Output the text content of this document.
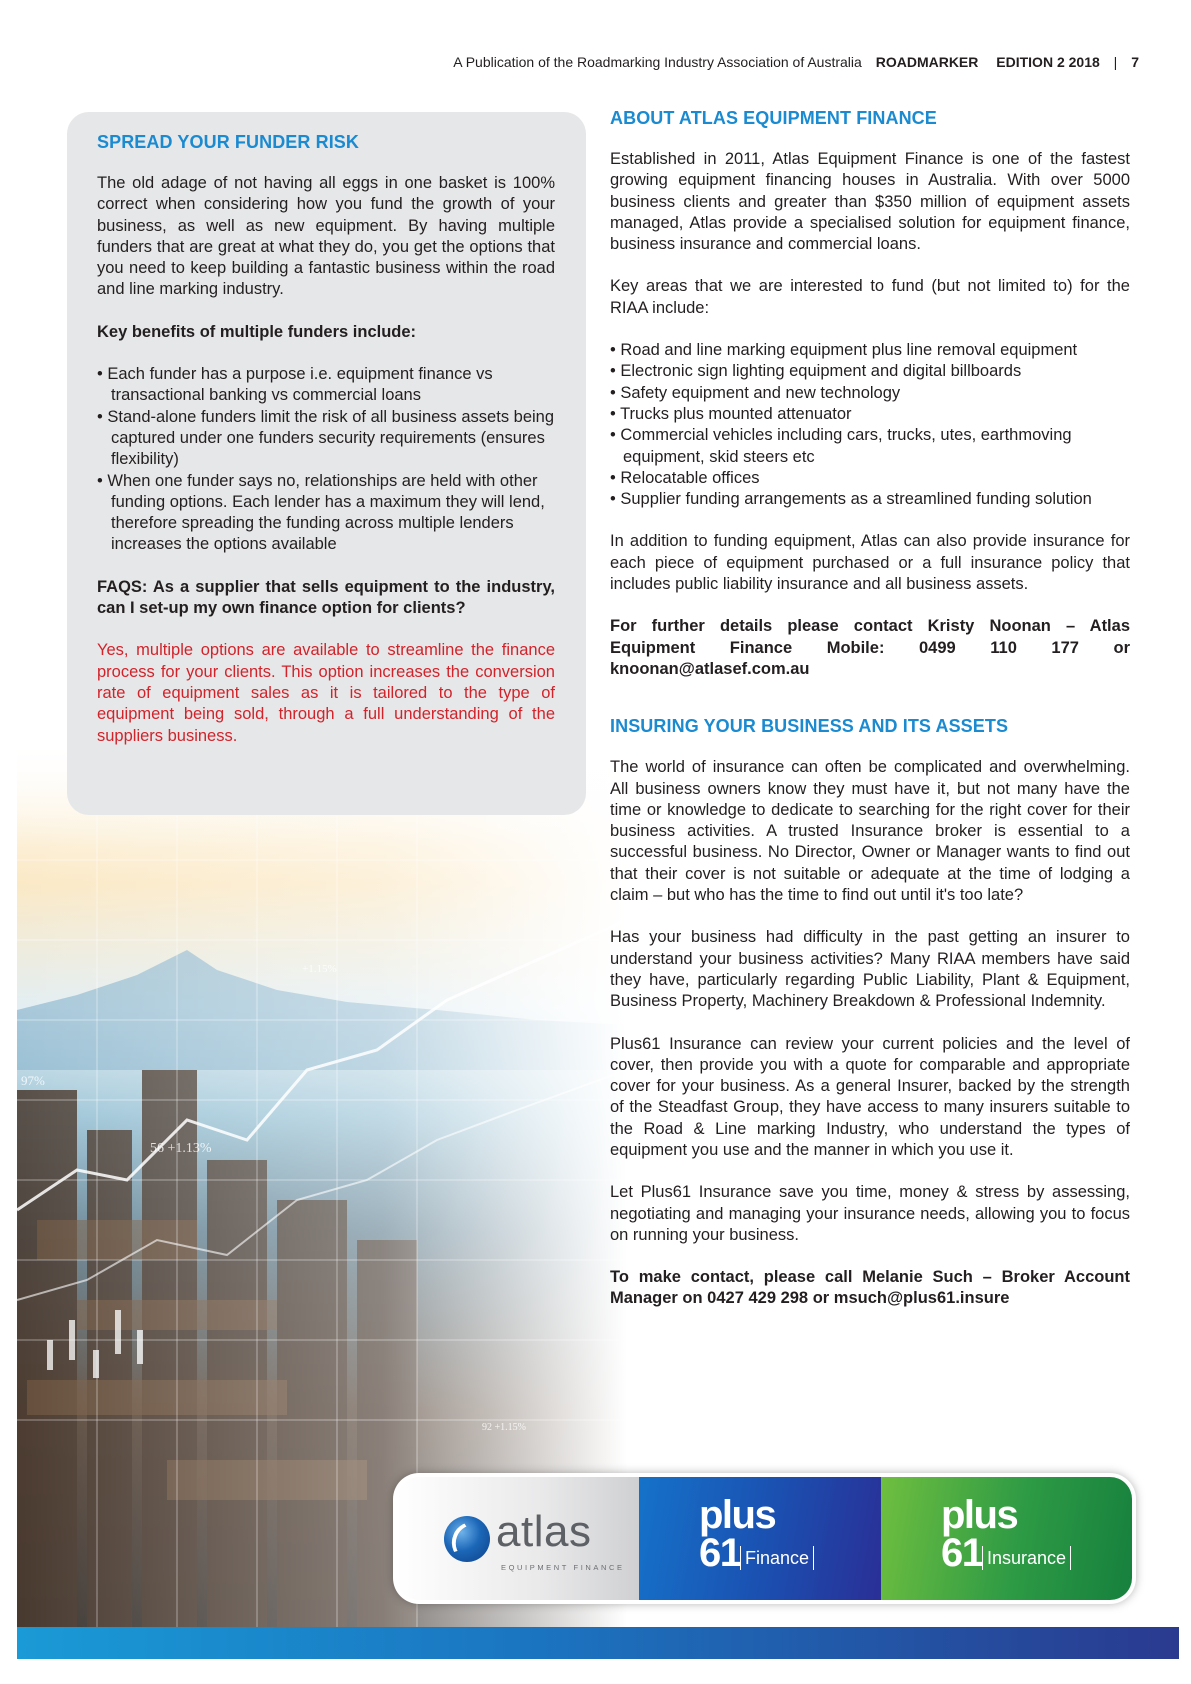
A Publication of the Roadmarking Industry Association of Australia ROADMARKER EDITION 2 2018 | 7
SPREAD YOUR FUNDER RISK

The old adage of not having all eggs in one basket is 100% correct when considering how you fund the growth of your business, as well as new equipment. By having multiple funders that are great at what they do, you get the options that you need to keep building a fantastic business within the road and line marking industry.

Key benefits of multiple funders include:

• Each funder has a purpose i.e. equipment finance vs transactional banking vs commercial loans
• Stand-alone funders limit the risk of all business assets being captured under one funders security requirements (ensures flexibility)
• When one funder says no, relationships are held with other funding options. Each lender has a maximum they will lend, therefore spreading the funding across multiple lenders increases the options available

FAQS: As a supplier that sells equipment to the industry, can I set-up my own finance option for clients?

Yes, multiple options are available to streamline the finance process for your clients. This option increases the conversion rate of equipment sales as it is tailored to the type of equipment being sold, through a full understanding of the suppliers business.

ABOUT ATLAS EQUIPMENT FINANCE

Established in 2011, Atlas Equipment Finance is one of the fastest growing equipment financing houses in Australia. With over 5000 business clients and greater than $350 million of equipment assets managed, Atlas provide a specialised solution for equipment finance, business insurance and commercial loans.

Key areas that we are interested to fund (but not limited to) for the RIAA include:

• Road and line marking equipment plus line removal equipment
• Electronic sign lighting equipment and digital billboards
• Safety equipment and new technology
• Trucks plus mounted attenuator
• Commercial vehicles including cars, trucks, utes, earthmoving equipment, skid steers etc
• Relocatable offices
• Supplier funding arrangements as a streamlined funding solution

In addition to funding equipment, Atlas can also provide insurance for each piece of equipment purchased or a full insurance policy that includes public liability insurance and all business assets.

For further details please contact Kristy Noonan – Atlas Equipment Finance Mobile: 0499 110 177 or knoonan@atlasef.com.au

INSURING YOUR BUSINESS AND ITS ASSETS

The world of insurance can often be complicated and overwhelming. All business owners know they must have it, but not many have the time or knowledge to dedicate to searching for the right cover for their business activities. A trusted Insurance broker is essential to a successful business. No Director, Owner or Manager wants to find out that their cover is not suitable or adequate at the time of lodging a claim – but who has the time to find out until it's too late?

Has your business had difficulty in the past getting an insurer to understand your business activities? Many RIAA members have said they have, particularly regarding Public Liability, Plant & Equipment, Business Property, Machinery Breakdown & Professional Indemnity.

Plus61 Insurance can review your current policies and the level of cover, then provide you with a quote for comparable and appropriate cover for your business. As a general Insurer, backed by the strength of the Steadfast Group, they have access to many insurers suitable to the Road & Line marking Industry, who understand the types of equipment you use and the manner in which you use it.

Let Plus61 Insurance save you time, money & stress by assessing, negotiating and managing your insurance needs, allowing you to focus on running your business.

To make contact, please call Melanie Such – Broker Account Manager on 0427 429 298 or msuch@plus61.insure

atlas
EQUIPMENT FINANCE
plus
61 Finance
plus
61 Insurance
